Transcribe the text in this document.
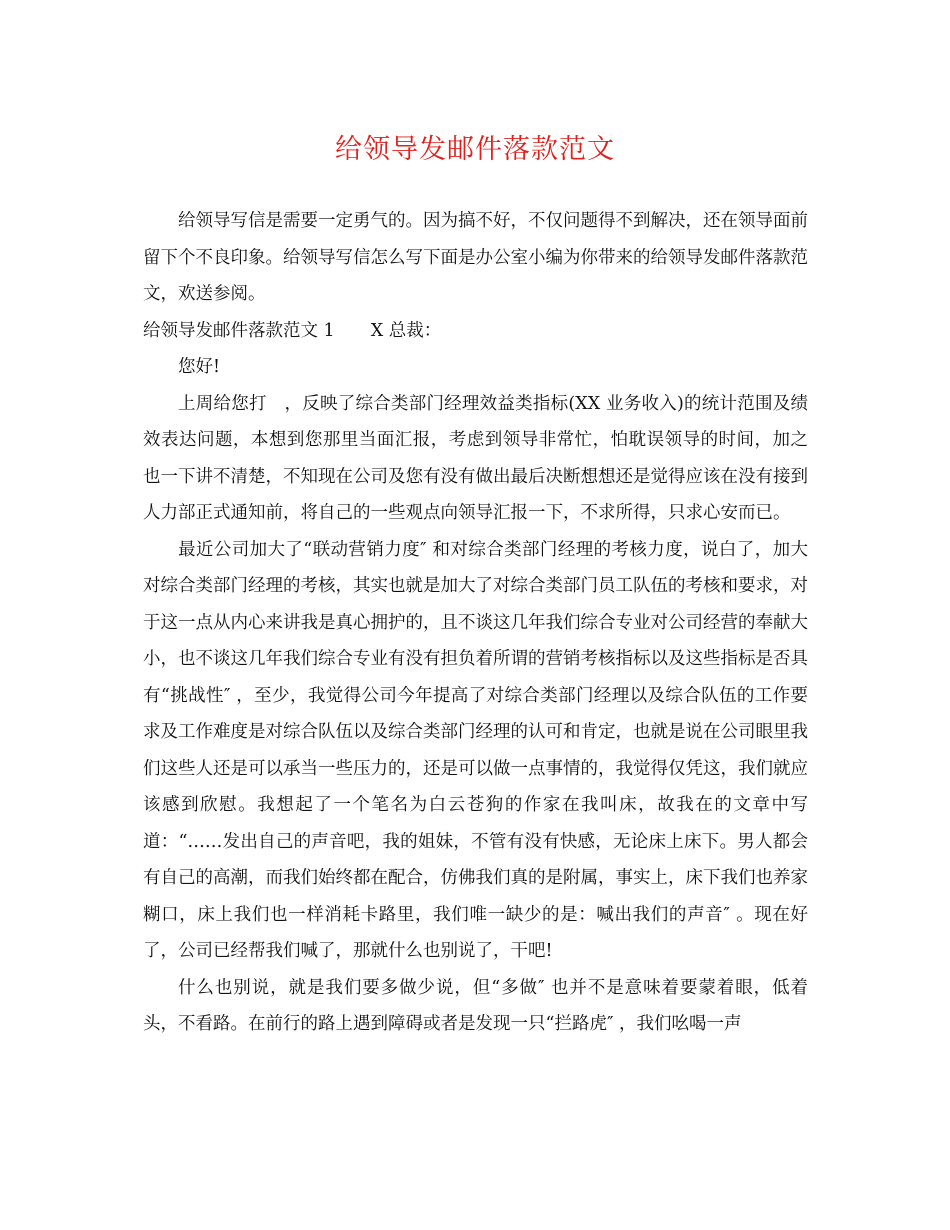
给领导发邮件落款范文

给领导写信是需要一定勇气的。因为搞不好，不仅问题得不到解决，还在领导面前留下个不良印象。给领导写信怎么写下面是办公室小编为你带来的给领导发邮件落款范文，欢送参阅。

给领导发邮件落款范文 1 X 总裁：

您好!

上周给您打　，反映了综合类部门经理效益类指标(XX 业务收入)的统计范围及绩效表达问题，本想到您那里当面汇报，考虑到领导非常忙，怕耽误领导的时间，加之　也一下讲不清楚，不知现在公司及您有没有做出最后决断想想还是觉得应该在没有接到人力部正式通知前，将自己的一些观点向领导汇报一下，不求所得，只求心安而已。

最近公司加大了“联动营销力度″ 和对综合类部门经理的考核力度，说白了，加大对综合类部门经理的考核，其实也就是加大了对综合类部门员工队伍的考核和要求，对于这一点从内心来讲我是真心拥护的，且不谈这几年我们综合专业对公司经营的奉献大小，也不谈这几年我们综合专业有没有担负着所谓的营销考核指标以及这些指标是否具有“挑战性″ ，至少，我觉得公司今年提高了对综合类部门经理以及综合队伍的工作要求及工作难度是对综合队伍以及综合类部门经理的认可和肯定，也就是说在公司眼里我们这些人还是可以承当一些压力的，还是可以做一点事情的，我觉得仅凭这，我们就应该感到欣慰。我想起了一个笔名为白云苍狗的作家在我叫床，故我在的文章中写道：“……发出自己的声音吧，我的姐妹，不管有没有快感，无论床上床下。男人都会有自己的高潮，而我们始终都在配合，仿佛我们真的是附属，事实上，床下我们也养家糊口，床上我们也一样消耗卡路里，我们唯一缺少的是：喊出我们的声音″ 。现在好了，公司已经帮我们喊了，那就什么也别说了，干吧!

什么也别说，就是我们要多做少说，但“多做″ 也并不是意味着要蒙着眼，低着头，不看路。在前行的路上遇到障碍或者是发现一只“拦路虎″ ，我们吆喝一声
